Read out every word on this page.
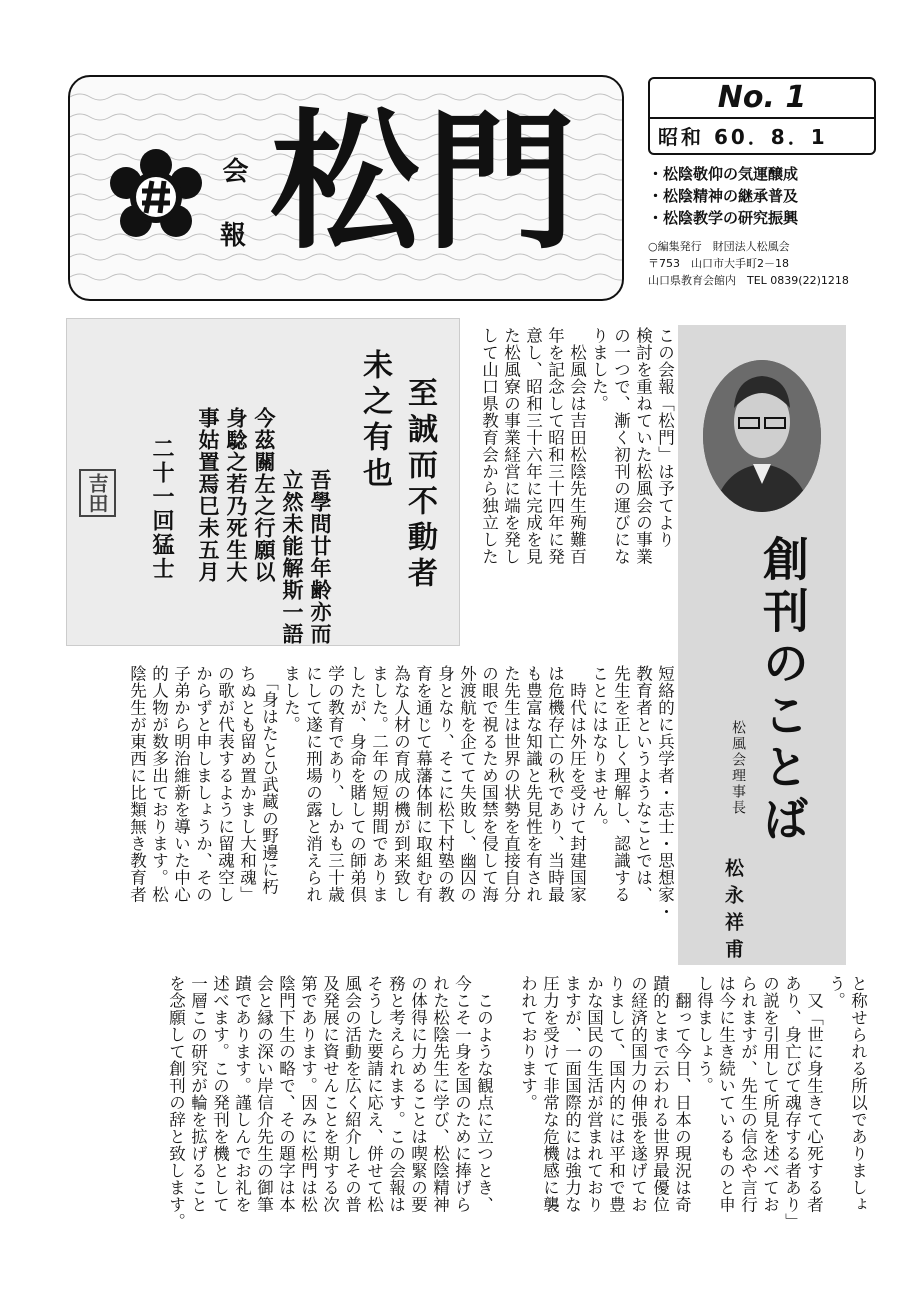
会
報 松門	No. 1
昭和 60．8．1
・松陰敬仰の気運醸成
・松陰精神の継承普及
・松陰教学の研究振興
○編集発行　財団法人松風会
〒753　山口市大手町2－18
山口県教育会館内　TEL 0839(22)1218
至誠而不動者
未之有也
吾學問廿年齢亦而
立然未能解斯一語
今茲關左之行願以
身騐之若乃死生大
事姑置焉巳未五月
二十一回猛士
吉田
創刊のことば
松風会理事長
松永祥甫
この会報「松門」は予てより
検討を重ねていた松風会の事業
の一つで、漸く初刊の運びにな
りました。
　松風会は吉田松陰先生殉難百
年を記念して昭和三十四年に発
意し、昭和三十六年に完成を見
た松風寮の事業経営に端を発し
短絡的に兵学者・志士・思想家・
教育者というようなことでは、
先生を正しく理解し、認識する
ことにはなりません。
　時代は外圧を受けて封建国家
は危機存亡の秋であり、当時最
も豊富な知識と先見性を有され
た先生は世界の状勢を直接自分
の眼で視るため国禁を侵して海
外渡航を企てて失敗し、幽囚の
身となり、そこに松下村塾の教
育を通じて幕藩体制に取組む有
為な人材の育成の機が到来致し
ました。二年の短期間でありま
したが、身命を賭しての師弟倶
学の教育であり、しかも三十歳
にして遂に刑場の露と消えられ
ました。
　「身はたとひ武蔵の野邊に朽
ちぬとも留め置かまし大和魂」
の歌が代表するように留魂空し
からずと申しましょうか、その
子弟から明治維新を導いた中心
的人物が数多出ております。松
陰先生が東西に比類無き教育者
と称せられる所以でありましょ
う。
　又「世に身生きて心死する者
あり、身亡びて魂存する者あり」
の説を引用して所見を述べてお
られますが、先生の信念や言行
は今に生き続いているものと申
し得ましょう。
　翻って今日、日本の現況は奇
蹟的とまで云われる世界最優位
の経済的国力の伸張を遂げてお
りまして、国内的には平和で豊
かな国民の生活が営まれており
ますが、一面国際的には強力な
圧力を受けて非常な危機感に襲
われております。
　このような観点に立つとき、
今こそ一身を国のために捧げら
れた松陰先生に学び、松陰精神
の体得に力めることは喫緊の要
務と考えられます。この会報は
そうした要請に応え、併せて松
風会の活動を広く紹介しその普
及発展に資せんことを期する次
第であります。因みに松門は松
陰門下生の略で、その題字は本
会と縁の深い岸信介先生の御筆
蹟であります。謹しんでお礼を
述べます。この発刊を機として
一層この研究が輪を拡げること
を念願して創刊の辞と致します。
して山口県教育会から独立した
